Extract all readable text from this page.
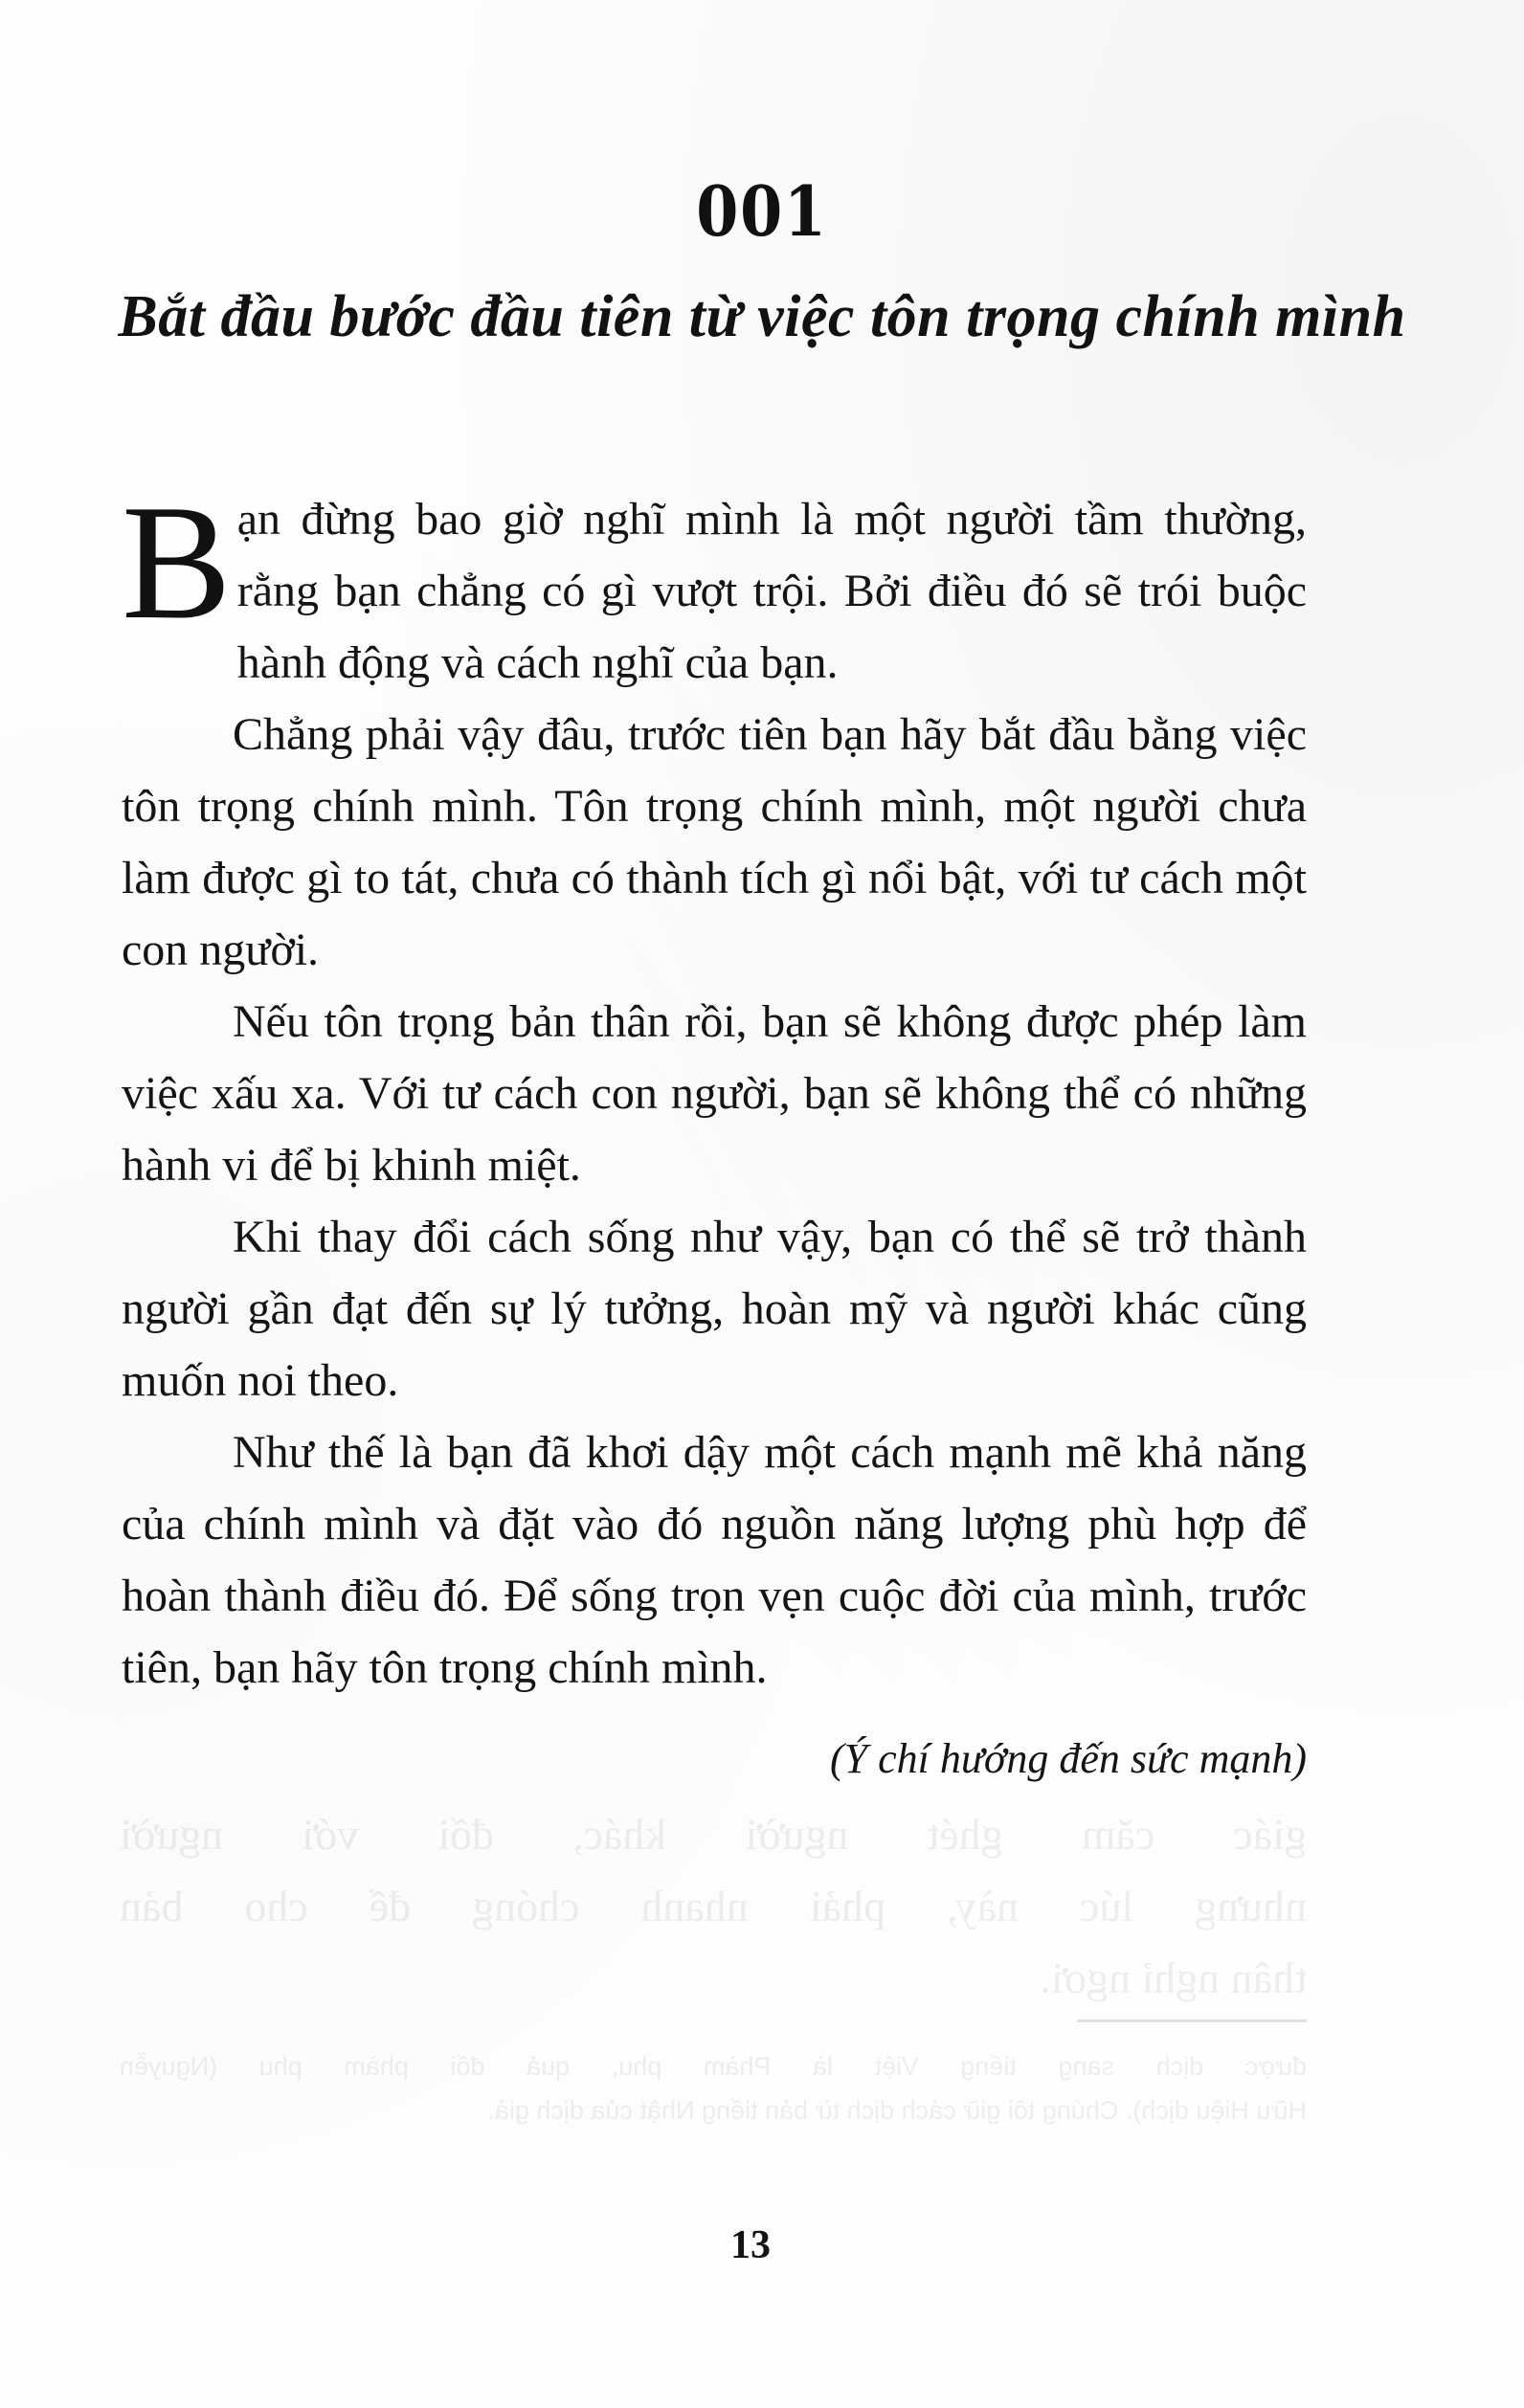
giác căm ghét người khác, đối với người
nhưng lúc này, phải nhanh chóng để cho bản
thân nghỉ ngơi.
được dịch sang tiếng Việt là Phàm phu, quả đối phàm phu (Nguyễn
Hữu Hiệu dịch). Chúng tôi giữ cách dịch từ bản tiếng Nhật của dịch giả.
001
Bắt đầu bước đầu tiên từ việc tôn trọng chính mình

Bạn đừng bao giờ nghĩ mình là một người tầm thường, rằng bạn chẳng có gì vượt trội. Bởi điều đó sẽ trói buộc hành động và cách nghĩ của bạn.

Chẳng phải vậy đâu, trước tiên bạn hãy bắt đầu bằng việc tôn trọng chính mình. Tôn trọng chính mình, một người chưa làm được gì to tát, chưa có thành tích gì nổi bật, với tư cách một con người.

Nếu tôn trọng bản thân rồi, bạn sẽ không được phép làm việc xấu xa. Với tư cách con người, bạn sẽ không thể có những hành vi để bị khinh miệt.

Khi thay đổi cách sống như vậy, bạn có thể sẽ trở thành người gần đạt đến sự lý tưởng, hoàn mỹ và người khác cũng muốn noi theo.

Như thế là bạn đã khơi dậy một cách mạnh mẽ khả năng của chính mình và đặt vào đó nguồn năng lượng phù hợp để hoàn thành điều đó. Để sống trọn vẹn cuộc đời của mình, trước tiên, bạn hãy tôn trọng chính mình.

(Ý chí hướng đến sức mạnh)
13
